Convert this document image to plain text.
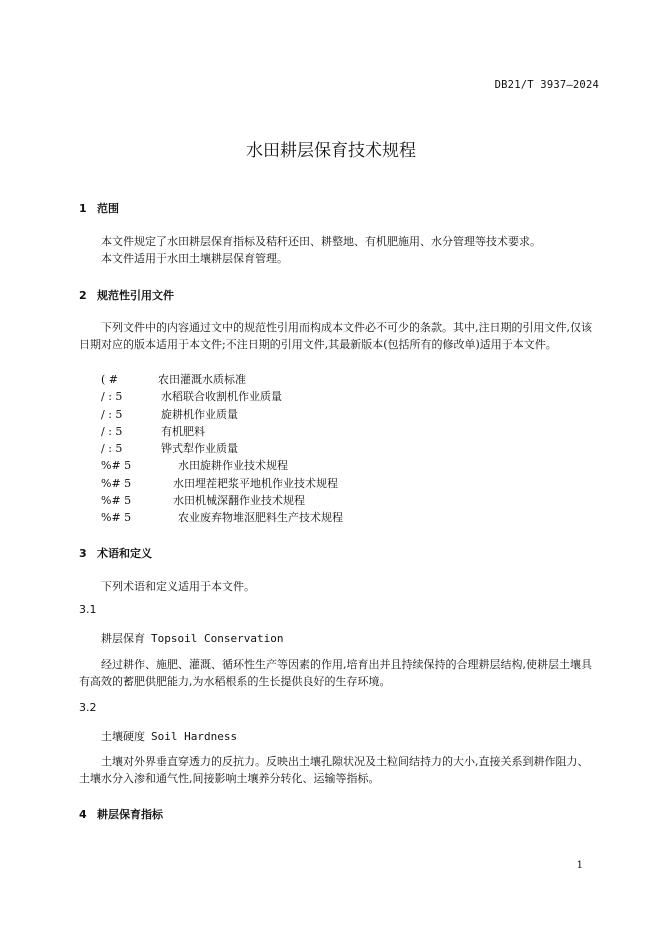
DB21/T 3937—2024
水田耕层保育技术规程
1 范围
本文件规定了水田耕层保育指标及秸秆还田、耕整地、有机肥施用、水分管理等技术要求。
本文件适用于水田土壤耕层保育管理。
2 规范性引用文件
下列文件中的内容通过文中的规范性引用而构成本文件必不可少的条款。其中,注日期的引用文件,仅该日期对应的版本适用于本文件;不注日期的引用文件,其最新版本(包括所有的修改单)适用于本文件。
( #	农田灌溉水质标准
/ : 5	水稻联合收割机作业质量
/ : 5	旋耕机作业质量
/ : 5	有机肥料
/ : 5	铧式犁作业质量
%# 5	水田旋耕作业技术规程
%# 5	水田埋茬耙浆平地机作业技术规程
%# 5	水田机械深翻作业技术规程
%# 5	农业废弃物堆沤肥料生产技术规程
3 术语和定义
下列术语和定义适用于本文件。
3.1
耕层保育 Topsoil Conservation
经过耕作、施肥、灌溉、循环性生产等因素的作用,培育出并且持续保持的合理耕层结构,使耕层土壤具有高效的蓄肥供肥能力,为水稻根系的生长提供良好的生存环境。
3.2
土壤硬度 Soil Hardness
土壤对外界垂直穿透力的反抗力。反映出土壤孔隙状况及土粒间结持力的大小,直接关系到耕作阻力、土壤水分入渗和通气性,间接影响土壤养分转化、运输等指标。
4 耕层保育指标
1
